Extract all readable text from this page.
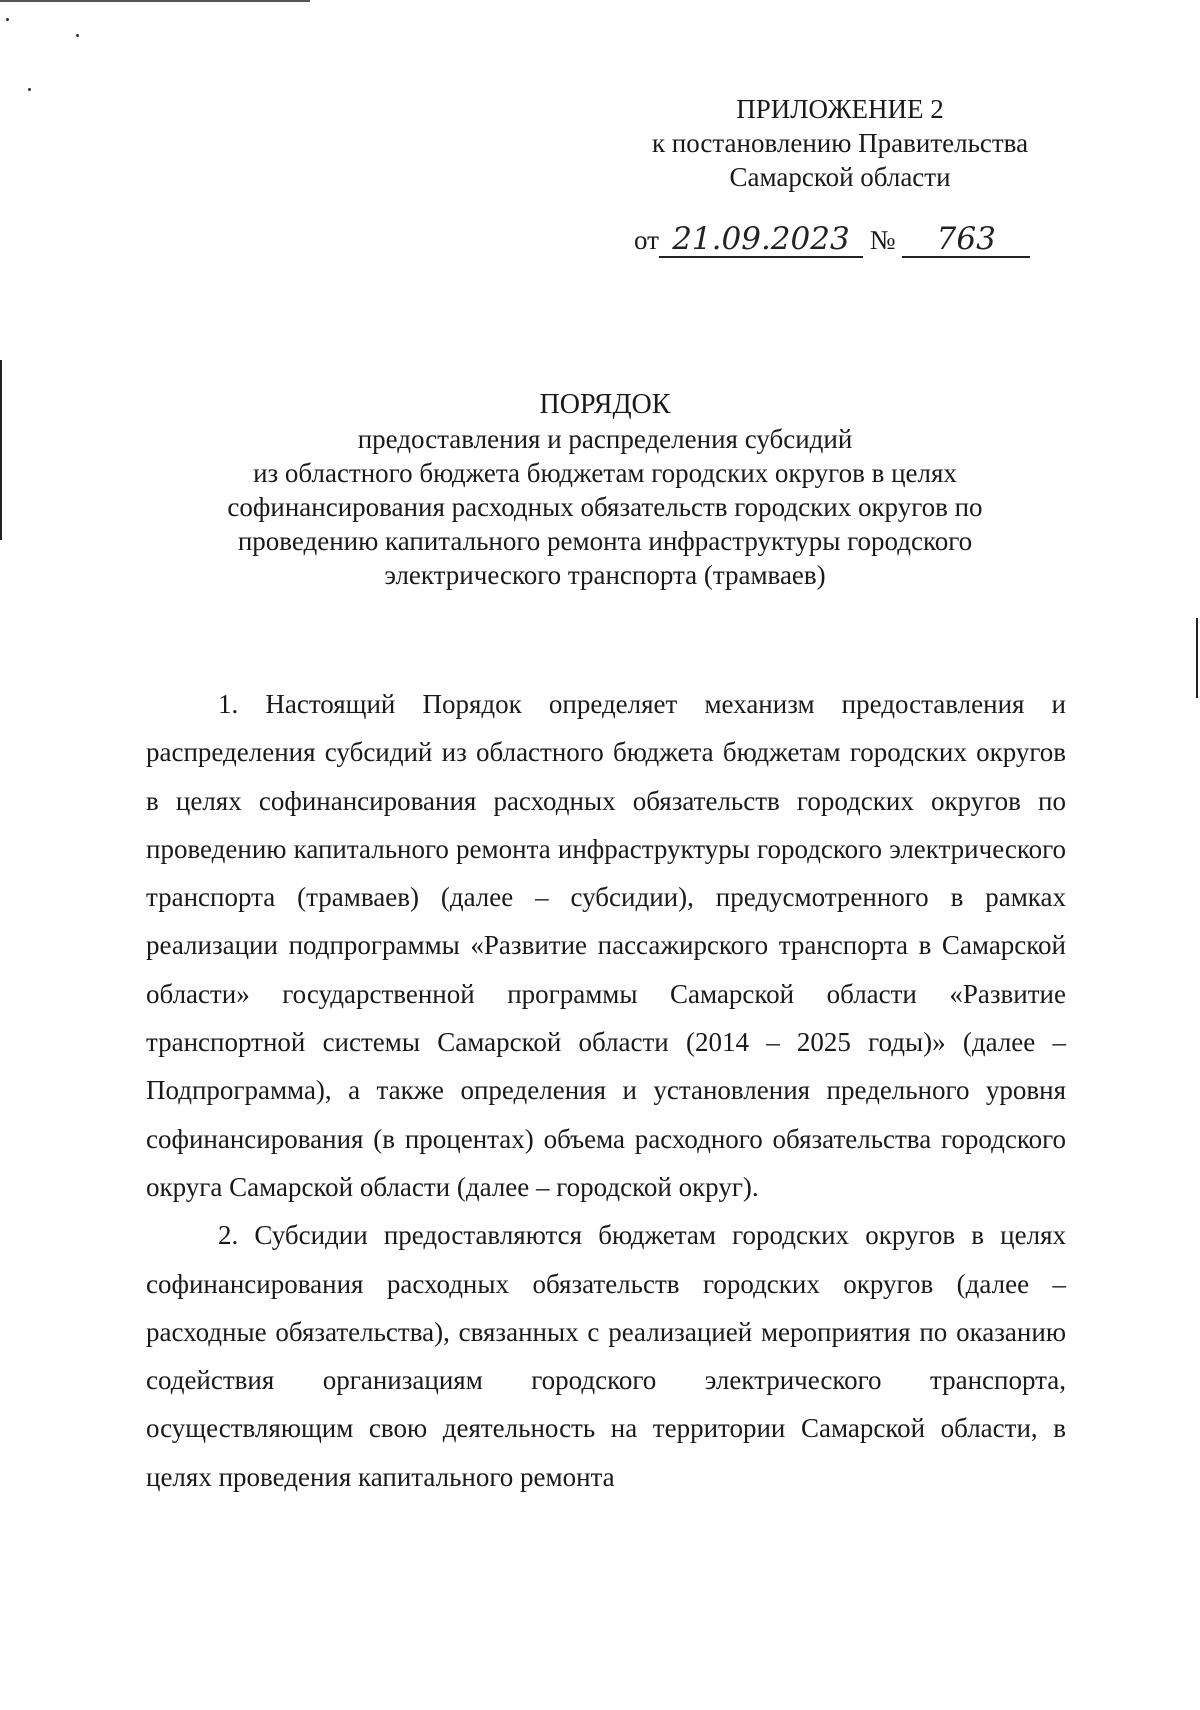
ПРИЛОЖЕНИЕ 2
к постановлению Правительства
Самарской области
от 21.09.2023 № 763
ПОРЯДОК
предоставления и распределения субсидий
из областного бюджета бюджетам городских округов в целях
софинансирования расходных обязательств городских округов по
проведению капитального ремонта инфраструктуры городского
электрического транспорта (трамваев)

1. Настоящий Порядок определяет механизм предоставления и распределения субсидий из областного бюджета бюджетам городских округов в целях софинансирования расходных обязательств городских округов по проведению капитального ремонта инфраструктуры городского электрического транспорта (трамваев) (далее – субсидии), предусмотренного в рамках реализации подпрограммы «Развитие пассажирского транспорта в Самарской области» государственной программы Самарской области «Развитие транспортной системы Самарской области (2014 – 2025 годы)» (далее – Подпрограмма), а также определения и установления предельного уровня софинансирования (в процентах) объема расходного обязательства городского округа Самарской области (далее – городской округ).

2. Субсидии предоставляются бюджетам городских округов в целях софинансирования расходных обязательств городских округов (далее – расходные обязательства), связанных с реализацией мероприятия по оказанию содействия организациям городского электрического транспорта, осуществляющим свою деятельность на территории Самарской области, в целях проведения капитального ремонта
